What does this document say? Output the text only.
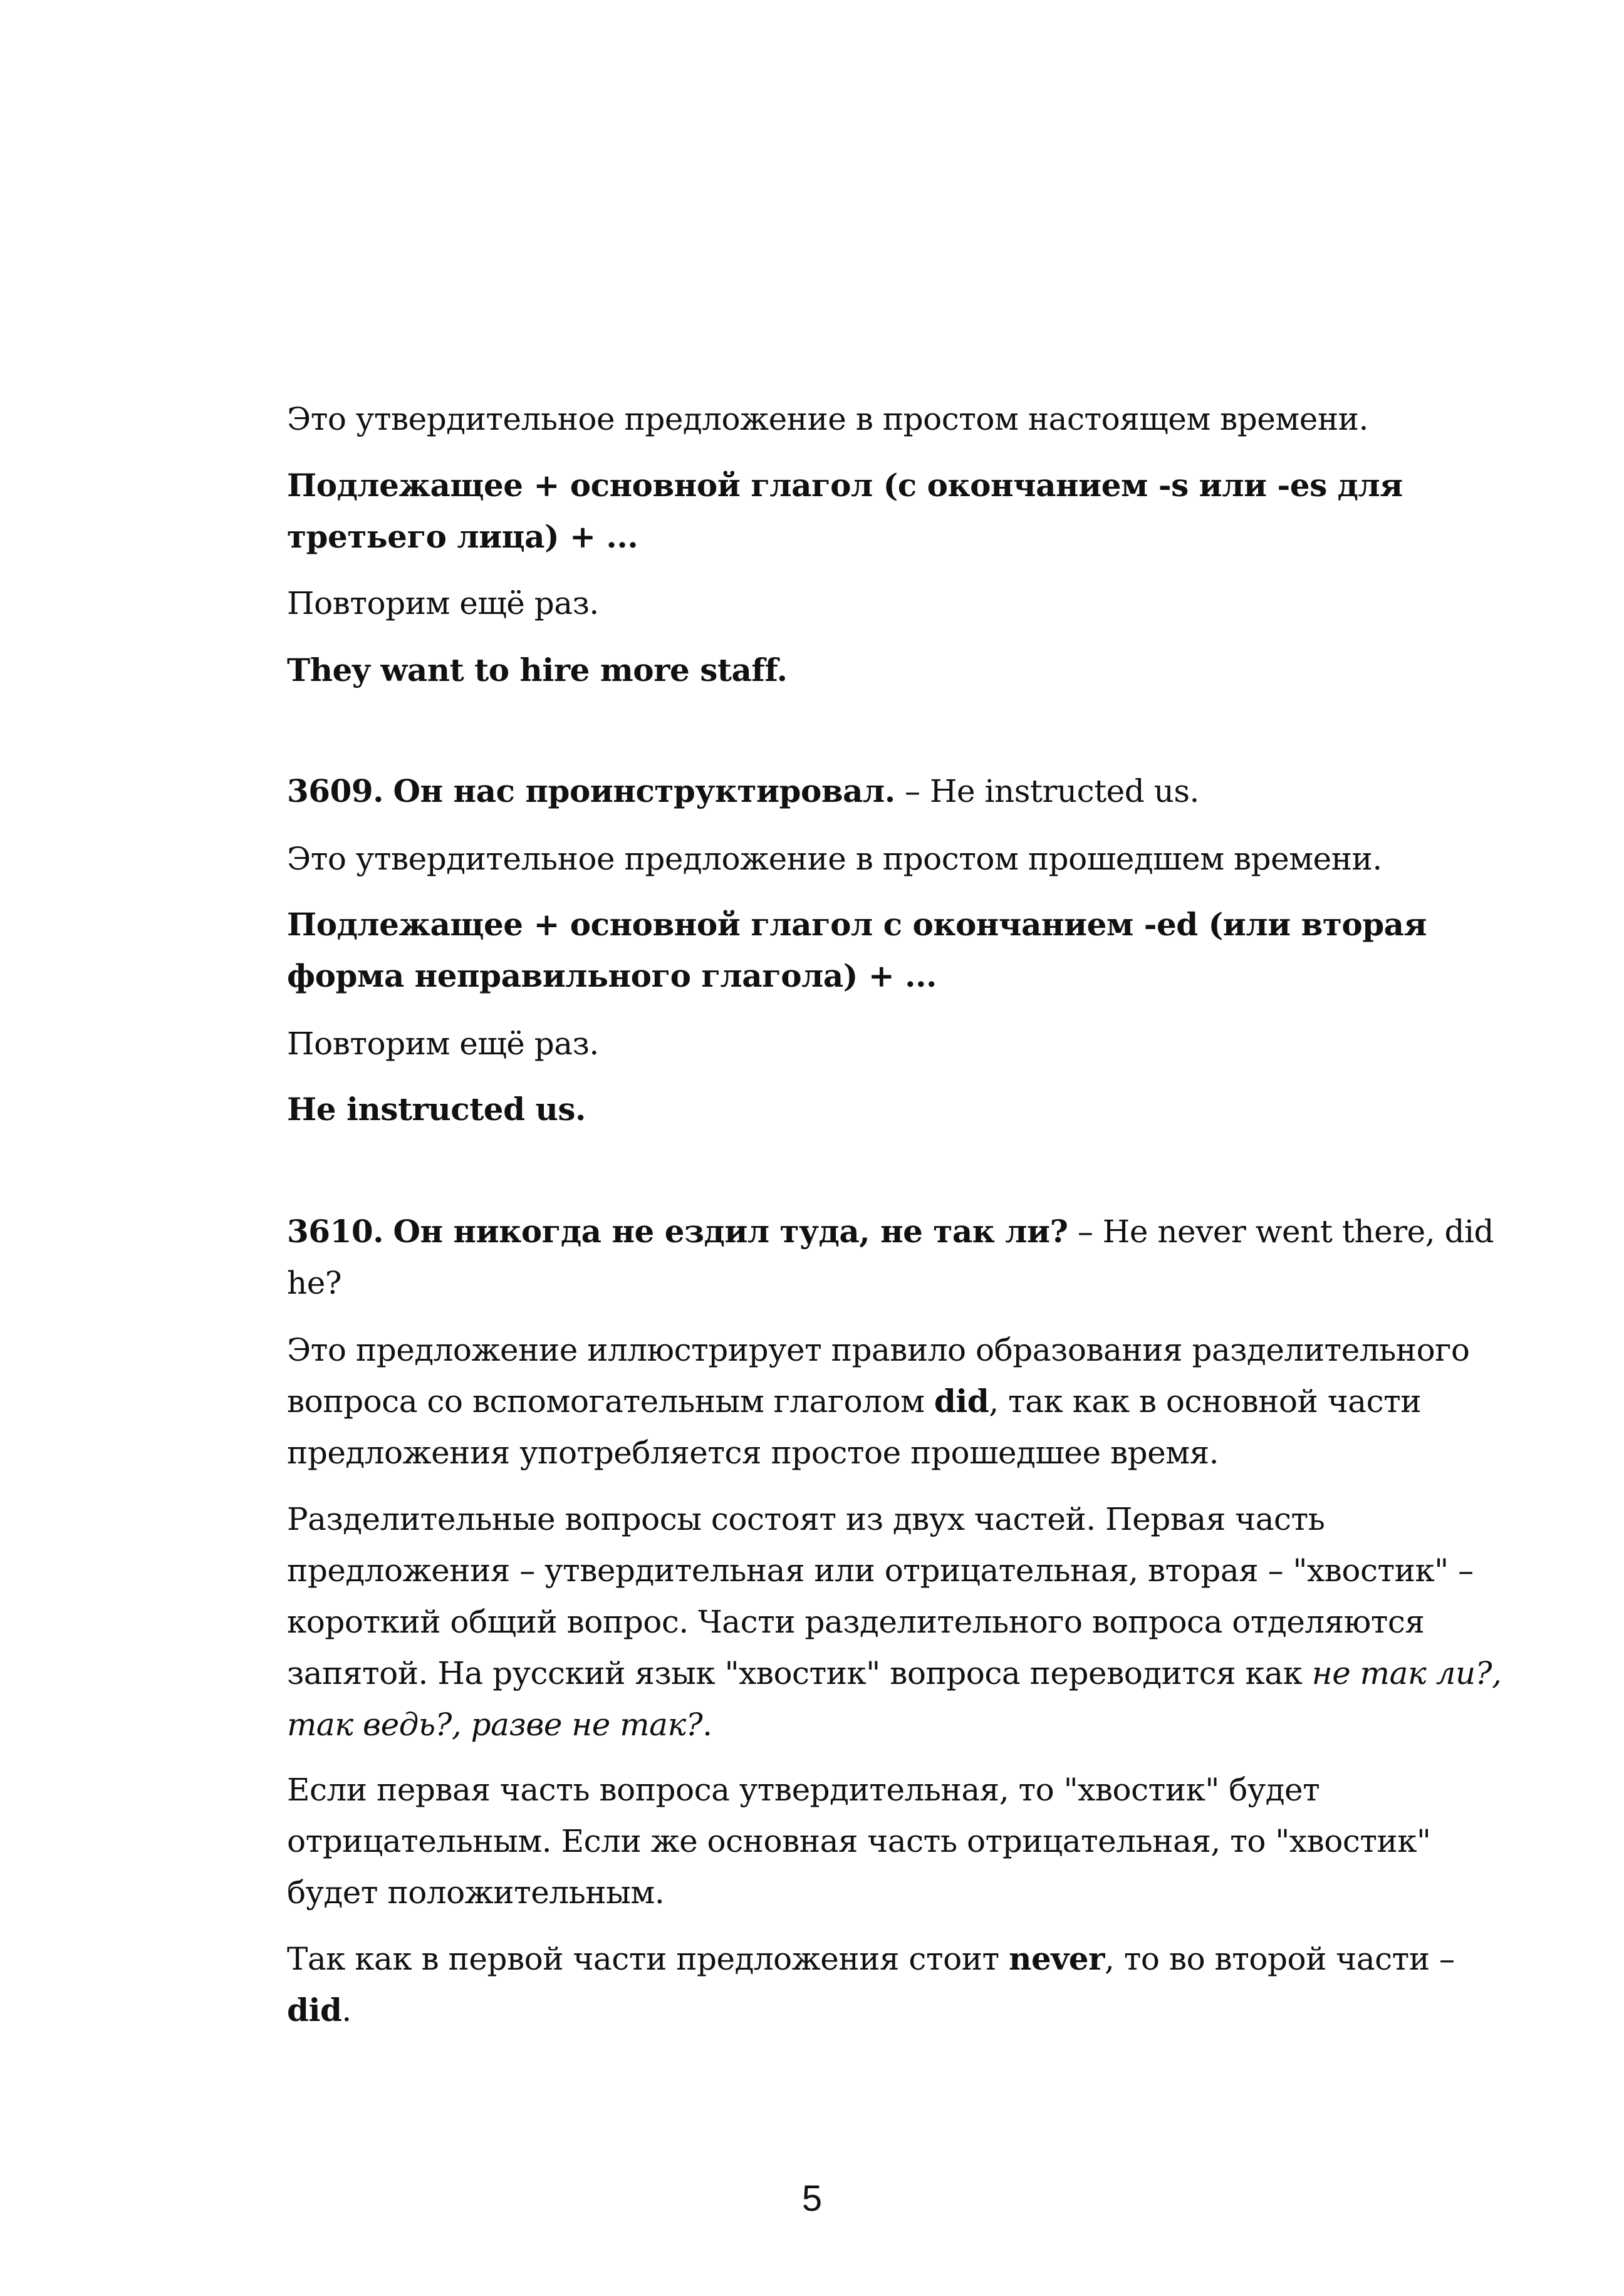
Это утвердительное предложение в простом настоящем времени.

Подлежащее + основной глагол (с окончанием -s или -es для третьего лица) + ...

Повторим ещё раз.

They want to hire more staff.

3609. Он нас проинструктировал. – He instructed us.

Это утвердительное предложение в простом прошедшем времени.

Подлежащее + основной глагол с окончанием -ed (или вторая форма неправильного глагола) + ...

Повторим ещё раз.

He instructed us.

3610. Он никогда не ездил туда, не так ли? – He never went there, did he?

Это предложение иллюстрирует правило образования разделительного вопроса со вспомогательным глаголом did, так как в основной части предложения употребляется простое прошедшее время.

Разделительные вопросы состоят из двух частей. Первая часть предложения – утвердительная или отрицательная, вторая – "хвостик" – короткий общий вопрос. Части разделительного вопроса отделяются запятой. На русский язык "хвостик" вопроса переводится как не так ли?, так ведь?, разве не так?.

Если первая часть вопроса утвердительная, то "хвостик" будет отрицательным. Если же основная часть отрицательная, то "хвостик" будет положительным.

Так как в первой части предложения стоит never, то во второй части – did.

5
